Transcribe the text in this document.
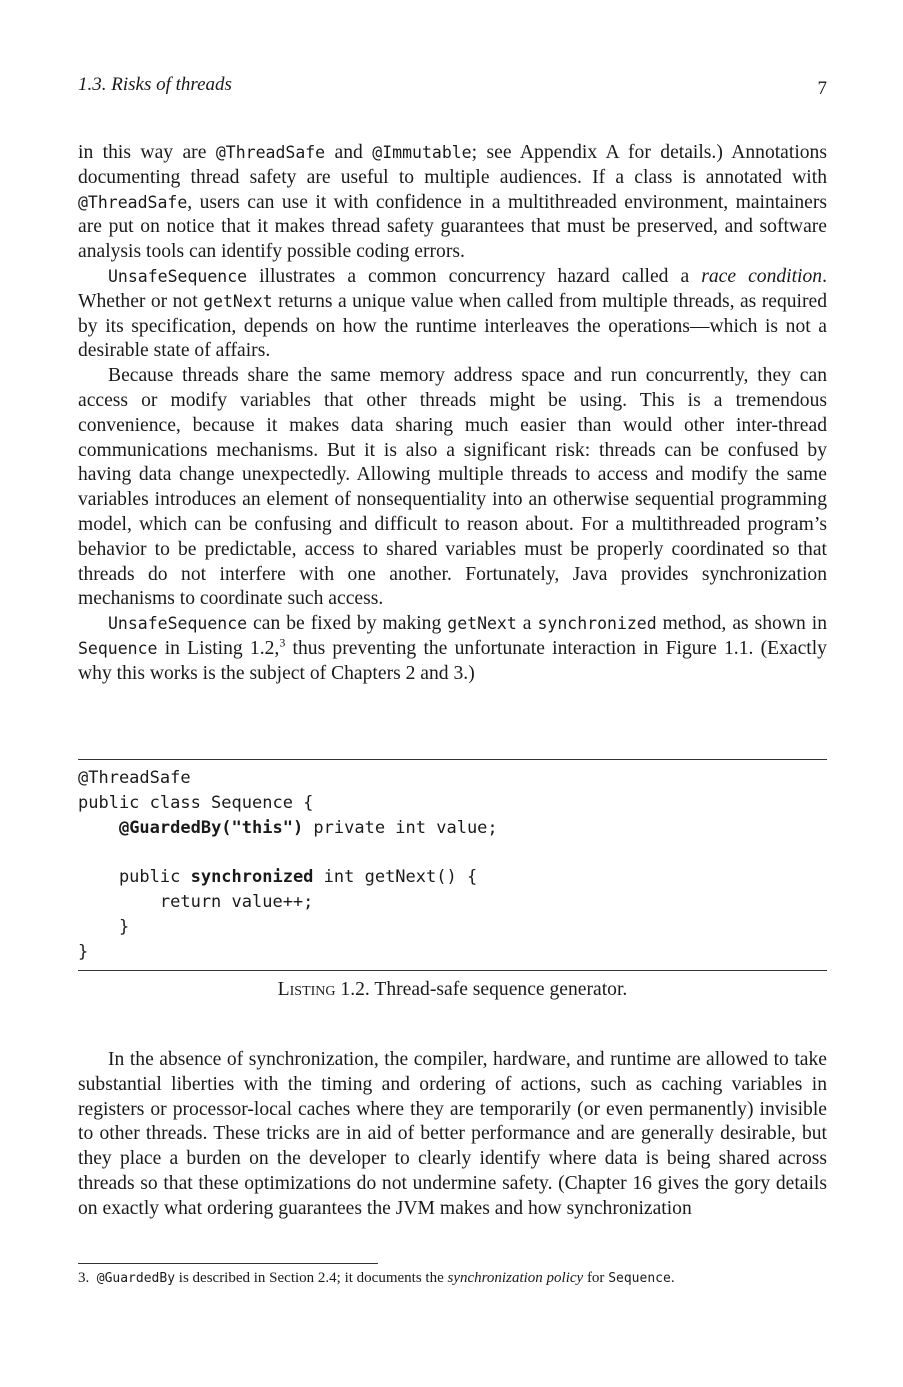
1.3. Risks of threads	7

in this way are @ThreadSafe and @Immutable; see Appendix A for details.) Annotations documenting thread safety are useful to multiple audiences. If a class is annotated with @ThreadSafe, users can use it with confidence in a multithreaded environment, maintainers are put on notice that it makes thread safety guarantees that must be preserved, and software analysis tools can identify possible coding errors.

UnsafeSequence illustrates a common concurrency hazard called a race condition. Whether or not getNext returns a unique value when called from multiple threads, as required by its specification, depends on how the runtime interleaves the operations—which is not a desirable state of affairs.

Because threads share the same memory address space and run concurrently, they can access or modify variables that other threads might be using. This is a tremendous convenience, because it makes data sharing much easier than would other inter-thread communications mechanisms. But it is also a significant risk: threads can be confused by having data change unexpectedly. Allowing multiple threads to access and modify the same variables introduces an element of nonsequentiality into an otherwise sequential programming model, which can be confusing and difficult to reason about. For a multithreaded program’s behavior to be predictable, access to shared variables must be properly coordinated so that threads do not interfere with one another. Fortunately, Java provides synchronization mechanisms to coordinate such access.

UnsafeSequence can be fixed by making getNext a synchronized method, as shown in Sequence in Listing 1.2,$^3$ thus preventing the unfortunate interaction in Figure 1.1. (Exactly why this works is the subject of Chapters 2 and 3.)

@ThreadSafe
public class Sequence {
@GuardedBy("this") private int value;

public synchronized int getNext() {
return value++;
}
}
Listing 1.2. Thread-safe sequence generator.

In the absence of synchronization, the compiler, hardware, and runtime are allowed to take substantial liberties with the timing and ordering of actions, such as caching variables in registers or processor-local caches where they are temporarily (or even permanently) invisible to other threads. These tricks are in aid of better performance and are generally desirable, but they place a burden on the developer to clearly identify where data is being shared across threads so that these optimizations do not undermine safety. (Chapter 16 gives the gory details on exactly what ordering guarantees the JVM makes and how synchronization

3. @GuardedBy is described in Section 2.4; it documents the synchronization policy for Sequence.
